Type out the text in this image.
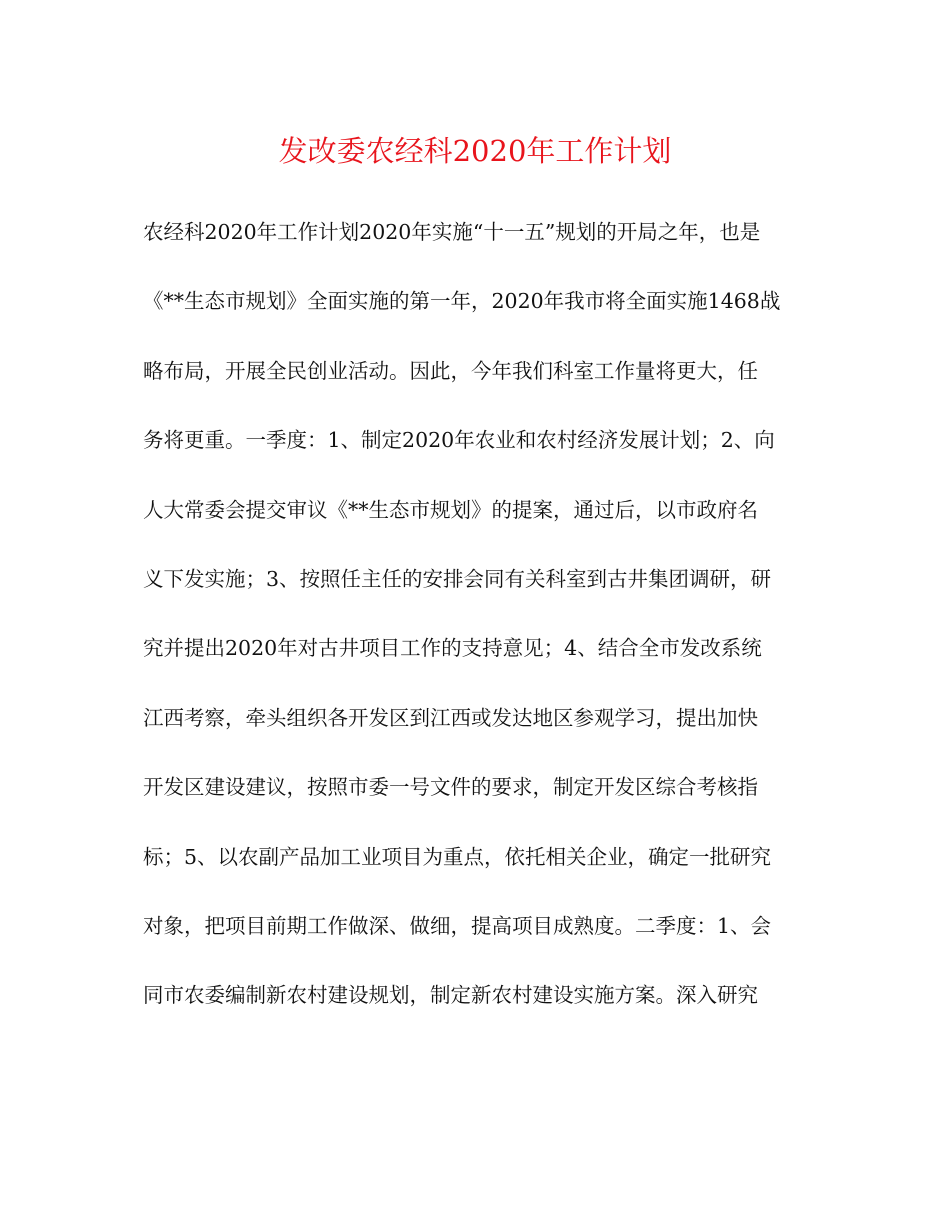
发改委农经科2020年工作计划
农经科2020年工作计划2020年实施“十一五”规划的开局之年，也是
《**生态市规划》全面实施的第一年，2020年我市将全面实施1468战
略布局，开展全民创业活动。因此，今年我们科室工作量将更大，任
务将更重。一季度：1、制定2020年农业和农村经济发展计划；2、向
人大常委会提交审议《**生态市规划》的提案，通过后，以市政府名
义下发实施；3、按照任主任的安排会同有关科室到古井集团调研，研
究并提出2020年对古井项目工作的支持意见；4、结合全市发改系统
江西考察，牵头组织各开发区到江西或发达地区参观学习，提出加快
开发区建设建议，按照市委一号文件的要求，制定开发区综合考核指
标；5、以农副产品加工业项目为重点，依托相关企业，确定一批研究
对象，把项目前期工作做深、做细，提高项目成熟度。二季度：1、会
同市农委编制新农村建设规划，制定新农村建设实施方案。深入研究
